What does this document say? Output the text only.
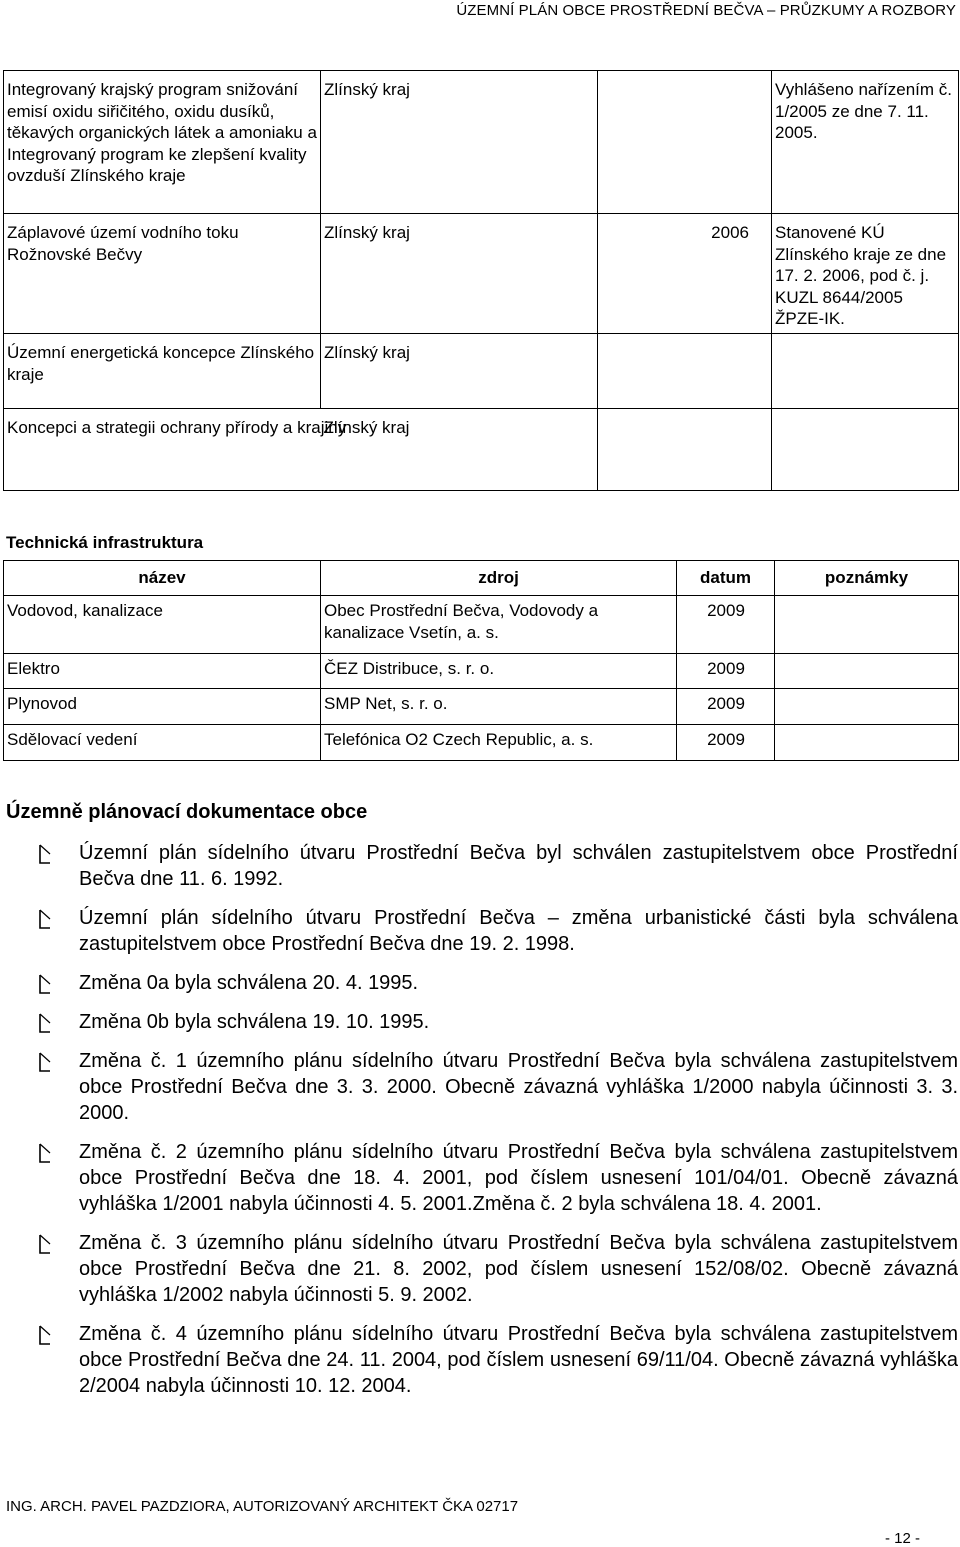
ÚZEMNÍ PLÁN OBCE PROSTŘEDNÍ BEČVA – PRŮZKUMY A ROZBORY
Integrovaný krajský program snižování emisí oxidu siřičitého, oxidu dusíků, těkavých organických látek a amoniaku a Integrovaný program ke zlepšení kvality ovzduší Zlínského kraje	Zlínský kraj		Vyhlášeno nařízením č. 1/2005 ze dne 7. 11. 2005.
Záplavové území vodního toku Rožnovské Bečvy	Zlínský kraj	2006	Stanovené KÚ Zlínského kraje ze dne 17. 2. 2006, pod č. j. KUZL 8644/2005 ŽPZE-IK.
Územní energetická koncepce Zlínského kraje	Zlínský kraj		
Koncepci a strategii ochrany přírody a krajiny	Zlínský kraj		
Technická infrastruktura
název	zdroj	datum	poznámky
Vodovod, kanalizace	Obec Prostřední Bečva, Vodovody a kanalizace Vsetín, a. s.	2009	
Elektro	ČEZ Distribuce, s. r. o.	2009	
Plynovod	SMP Net, s. r. o.	2009	
Sdělovací vedení	Telefónica O2 Czech Republic, a. s.	2009	
Územně plánovací dokumentace obce
Územní plán sídelního útvaru Prostřední Bečva byl schválen zastupitelstvem obce Prostřední Bečva dne 11. 6. 1992.
Územní plán sídelního útvaru Prostřední Bečva – změna urbanistické části byla schválena zastupitelstvem obce Prostřední Bečva dne 19. 2. 1998.
Změna 0a byla schválena 20. 4. 1995.
Změna 0b byla schválena 19. 10. 1995.
Změna č. 1 územního plánu sídelního útvaru Prostřední Bečva byla schválena zastupitelstvem obce Prostřední Bečva dne 3. 3. 2000. Obecně závazná vyhláška 1/2000 nabyla účinnosti 3. 3. 2000.
Změna č. 2 územního plánu sídelního útvaru Prostřední Bečva byla schválena zastupitelstvem obce Prostřední Bečva dne 18. 4. 2001, pod číslem usnesení 101/04/01. Obecně závazná vyhláška 1/2001 nabyla účinnosti 4. 5. 2001.Změna č. 2 byla schválena 18. 4. 2001.
Změna č. 3 územního plánu sídelního útvaru Prostřední Bečva byla schválena zastupitelstvem obce Prostřední Bečva dne 21. 8. 2002, pod číslem usnesení 152/08/02. Obecně závazná vyhláška 1/2002 nabyla účinnosti 5. 9. 2002.
Změna č. 4 územního plánu sídelního útvaru Prostřední Bečva byla schválena zastupitelstvem obce Prostřední Bečva dne 24. 11. 2004, pod číslem usnesení 69/11/04. Obecně závazná vyhláška 2/2004 nabyla účinnosti 10. 12. 2004.
ING. ARCH. PAVEL PAZDZIORA, AUTORIZOVANÝ ARCHITEKT ČKA 02717
- 12 -
